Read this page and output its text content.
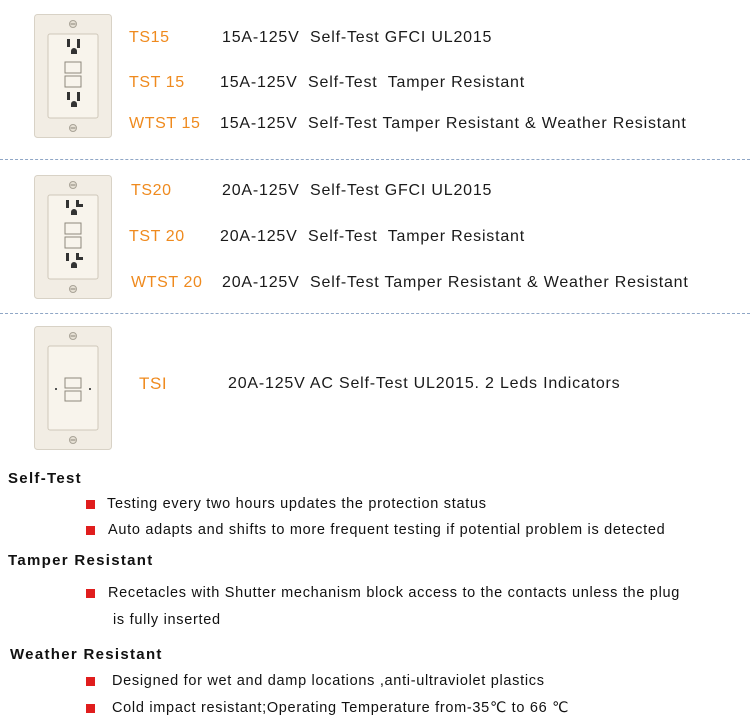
TS15	15A-125V  Self-Test GFCI UL2015
TST 15 15A-125V  Self-Test  Tamper Resistant
WTST 15 15A-125V  Self-Test Tamper Resistant & Weather Resistant
TS20	20A-125V  Self-Test GFCI UL2015
TST 20 20A-125V  Self-Test  Tamper Resistant
WTST 20 20A-125V  Self-Test Tamper Resistant & Weather Resistant
TSI	20A-125V AC Self-Test UL2015. 2 Leds Indicators
Self-Test
Testing every two hours updates the protection status
Auto adapts and shifts to more frequent testing if potential problem is detected
Tamper Resistant
Recetacles with Shutter mechanism block access to the contacts unless the plug
is fully inserted
Weather Resistant
Designed for wet and damp locations ,anti-ultraviolet plastics
Cold impact resistant;Operating Temperature from-35℃ to 66 ℃
